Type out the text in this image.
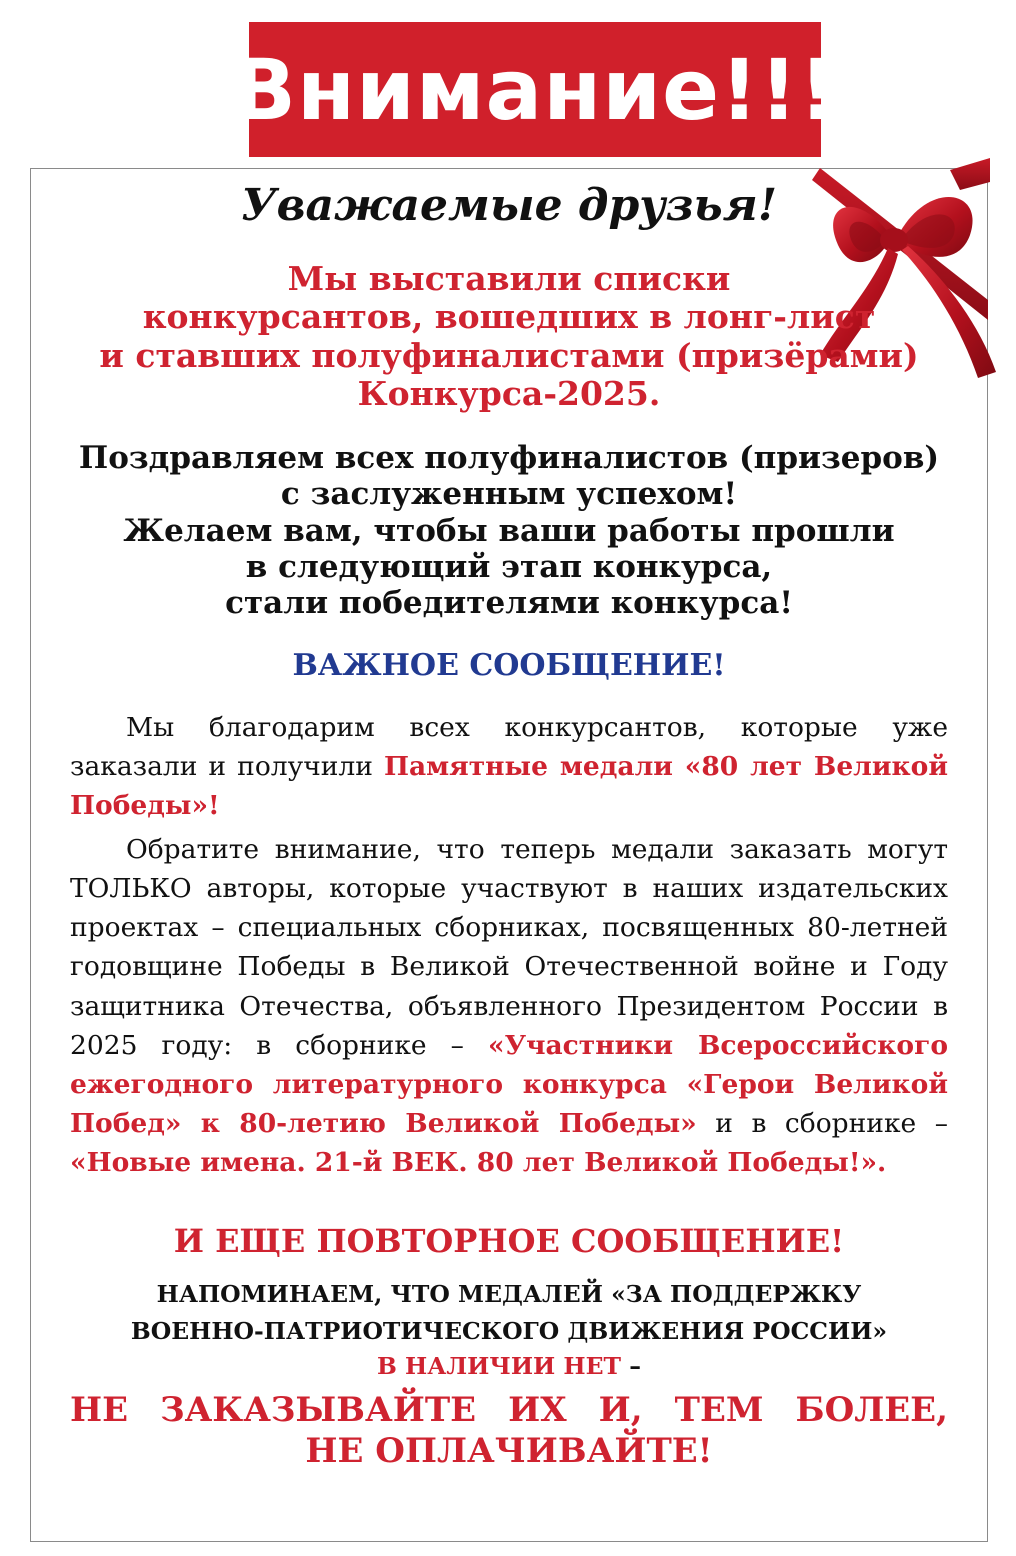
Внимание!!!
Уважаемые друзья!
Мы выставили списки
конкурсантов, вошедших в лонг-лист
и ставших полуфиналистами (призёрами)
Конкурса-2025.
Поздравляем всех полуфиналистов (призеров)
с заслуженным успехом!
Желаем вам, чтобы ваши работы прошли
в следующий этап конкурса,
стали победителями конкурса!
ВАЖНОЕ СООБЩЕНИЕ!

Мы благодарим всех конкурсантов, которые уже заказали и получили Памятные медали «80 лет Великой Победы»!

Обратите внимание, что теперь медали заказать могут ТОЛЬКО авторы, которые участвуют в наших издательских проектах – специальных сборниках, посвященных 80-летней годовщине Победы в Великой Отечественной войне и Году защитника Отечества, объявленного Президентом России в 2025 году: в сборнике – «Участники Всероссийского ежегодного литературного конкурса «Герои Великой Побед» к 80-летию Великой Победы» и в сборнике – «Новые имена. 21-й ВЕК. 80 лет Великой Победы!».

И ЕЩЕ ПОВТОРНОЕ СООБЩЕНИЕ!
НАПОМИНАЕМ, ЧТО МЕДАЛЕЙ «ЗА ПОДДЕРЖКУ
ВОЕННО-ПАТРИОТИЧЕСКОГО ДВИЖЕНИЯ РОССИИ»
В НАЛИЧИИ НЕТ –
НЕ ЗАКАЗЫВАЙТЕ ИХ И, ТЕМ БОЛЕЕ,
НЕ ОПЛАЧИВАЙТЕ!
